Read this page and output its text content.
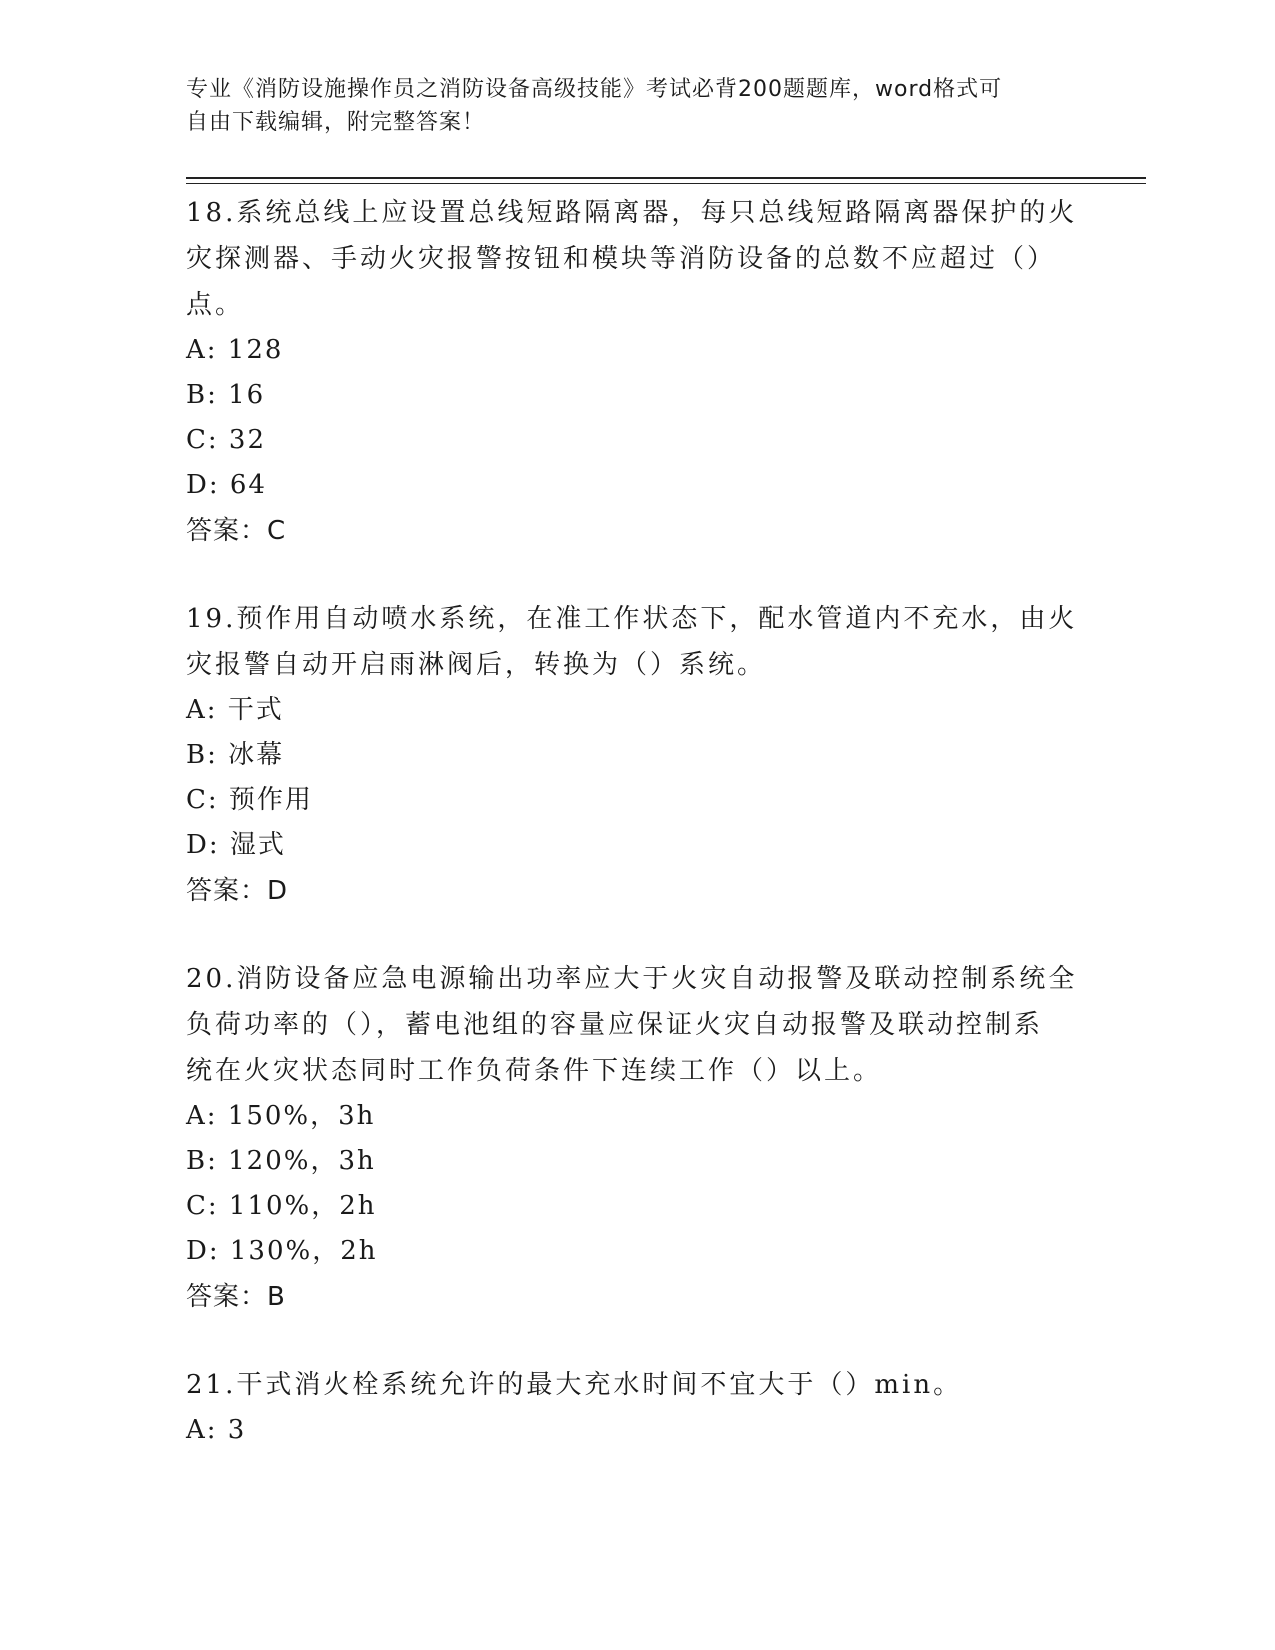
专业《消防设施操作员之消防设备高级技能》考试必背200题题库，word格式可
自由下载编辑，附完整答案！
18.系统总线上应设置总线短路隔离器，每只总线短路隔离器保护的火
灾探测器、手动火灾报警按钮和模块等消防设备的总数不应超过（）
点。
A: 128
B: 16
C: 32
D: 64
答案：C
19.预作用自动喷水系统，在准工作状态下，配水管道内不充水，由火
灾报警自动开启雨淋阀后，转换为（）系统。
A: 干式
B: 冰幕
C: 预作用
D: 湿式
答案：D
20.消防设备应急电源输出功率应大于火灾自动报警及联动控制系统全
负荷功率的（），蓄电池组的容量应保证火灾自动报警及联动控制系
统在火灾状态同时工作负荷条件下连续工作（）以上。
A: 150%，3h
B: 120%，3h
C: 110%，2h
D: 130%，2h
答案：B
21.干式消火栓系统允许的最大充水时间不宜大于（）min。
A: 3
